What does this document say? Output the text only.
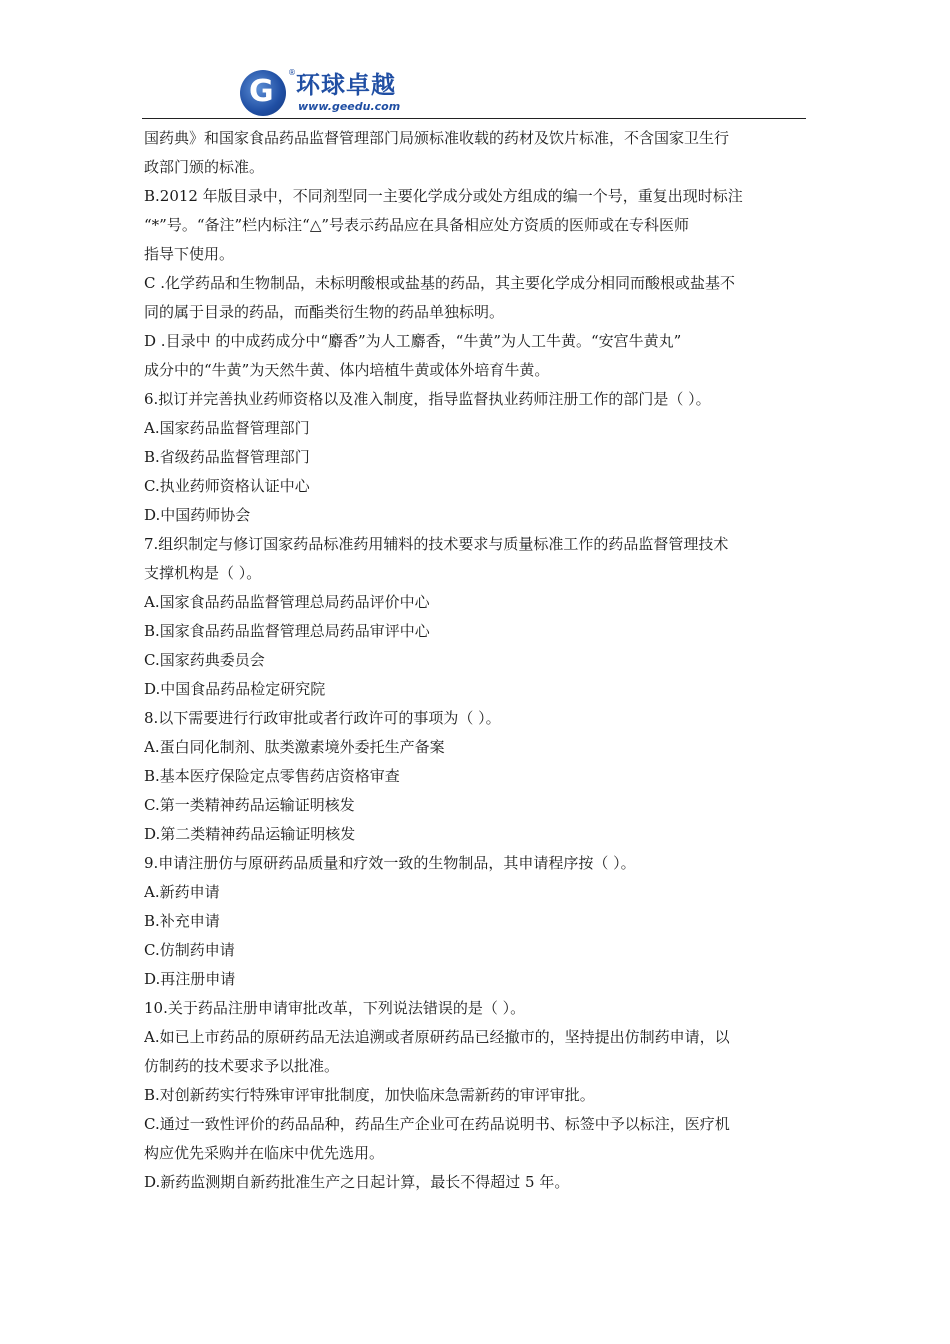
G
® 环球卓越
www.geedu.com
国药典》和国家食品药品监督管理部门局颁标准收载的药材及饮片标准，不含国家卫生行
政部门颁的标准。
B.2012 年版目录中，不同剂型同一主要化学成分或处方组成的编一个号，重复出现时标注
“*”号。“备注”栏内标注“△”号表示药品应在具备相应处方资质的医师或在专科医师
指导下使用。
C .化学药品和生物制品，未标明酸根或盐基的药品，其主要化学成分相同而酸根或盐基不
同的属于目录的药品，而酯类衍生物的药品单独标明。
D .目录中 的中成药成分中“麝香”为人工麝香，“牛黄”为人工牛黄。“安宫牛黄丸”
成分中的“牛黄”为天然牛黄、体内培植牛黄或体外培育牛黄。
6.拟订并完善执业药师资格以及准入制度，指导监督执业药师注册工作的部门是（ ）。
A.国家药品监督管理部门
B.省级药品监督管理部门
C.执业药师资格认证中心
D.中国药师协会
7.组织制定与修订国家药品标准药用辅料的技术要求与质量标准工作的药品监督管理技术
支撑机构是（ ）。
A.国家食品药品监督管理总局药品评价中心
B.国家食品药品监督管理总局药品审评中心
C.国家药典委员会
D.中国食品药品检定研究院
8.以下需要进行行政审批或者行政许可的事项为（ ）。
A.蛋白同化制剂、肽类激素境外委托生产备案
B.基本医疗保险定点零售药店资格审查
C.第一类精神药品运输证明核发
D.第二类精神药品运输证明核发
9.申请注册仿与原研药品质量和疗效一致的生物制品，其申请程序按（ ）。
A.新药申请
B.补充申请
C.仿制药申请
D.再注册申请
10.关于药品注册申请审批改革，下列说法错误的是（ ）。
A.如已上市药品的原研药品无法追溯或者原研药品已经撤市的，坚持提出仿制药申请，以
仿制药的技术要求予以批准。
B.对创新药实行特殊审评审批制度，加快临床急需新药的审评审批。
C.通过一致性评价的药品品种，药品生产企业可在药品说明书、标签中予以标注，医疗机
构应优先采购并在临床中优先选用。
D.新药监测期自新药批准生产之日起计算，最长不得超过 5 年。
